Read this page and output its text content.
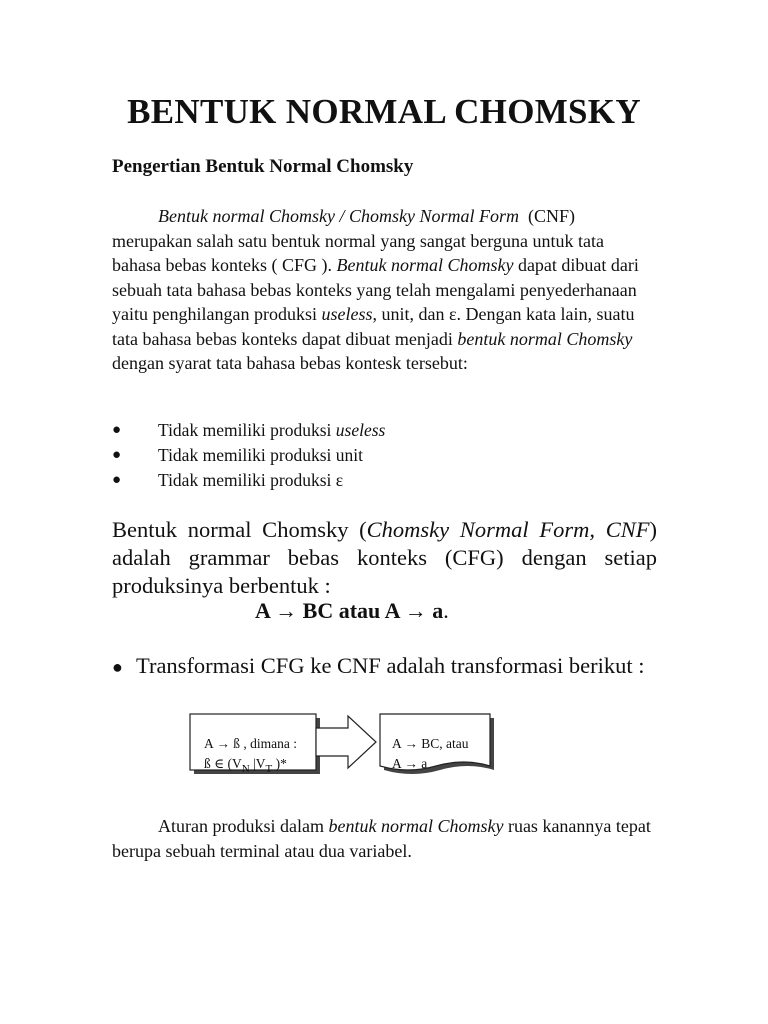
BENTUK NORMAL CHOMSKY
Pengertian Bentuk Normal Chomsky
Bentuk normal Chomsky / Chomsky Normal Form (CNF) merupakan salah satu bentuk normal yang sangat berguna untuk tata bahasa bebas konteks ( CFG ). Bentuk normal Chomsky dapat dibuat dari sebuah tata bahasa bebas konteks yang telah mengalami penyederhanaan yaitu penghilangan produksi useless, unit, dan ε. Dengan kata lain, suatu tata bahasa bebas konteks dapat dibuat menjadi bentuk normal Chomsky dengan syarat tata bahasa bebas kontesk tersebut:
● Tidak memiliki produksi useless
● Tidak memiliki produksi unit
● Tidak memiliki produksi ε
Bentuk normal Chomsky (Chomsky Normal Form, CNF)
adalah grammar bebas konteks (CFG) dengan setiap
produksinya berbentuk :
A → BC atau A → a.
● Transformasi CFG ke CNF adalah transformasi berikut :
A → ß , dimana :
ß ∈ ($V_N$ $|V_T$ )*
A → BC, atau
A → a
Aturan produksi dalam bentuk normal Chomsky ruas kanannya tepat berupa sebuah terminal atau dua variabel.
